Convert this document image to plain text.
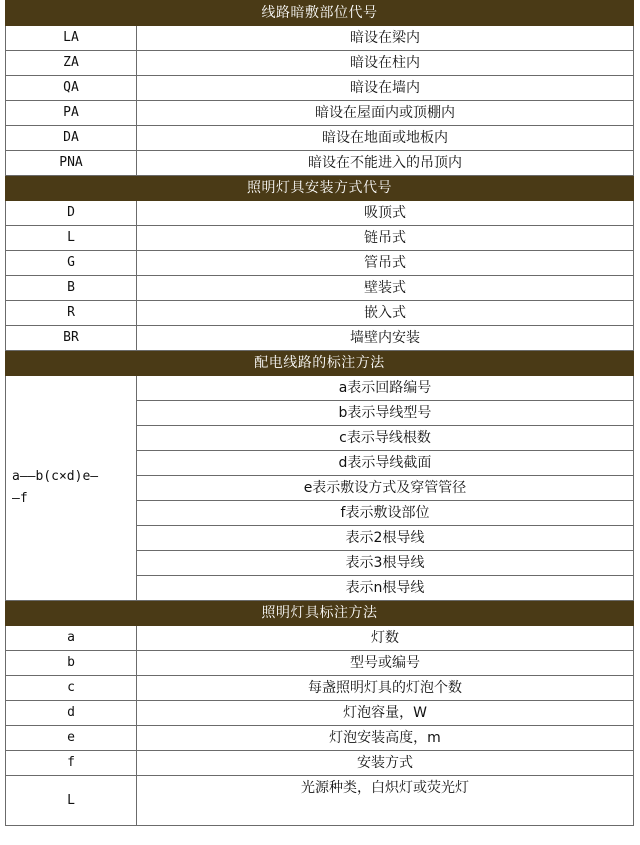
线路暗敷部位代号	
LA	暗设在梁内
ZA	暗设在柱内
QA	暗设在墙内
PA	暗设在屋面内或顶棚内
DA	暗设在地面或地板内
PNA	暗设在不能进入的吊顶内
照明灯具安装方式代号	
D	吸顶式
L	链吊式
G	管吊式
B	壁装式
R	嵌入式
BR	墙壁内安装
配电线路的标注方法	

a——b(c×d)e—
—f	a表示回路编号
	b表示导线型号
	c表示导线根数
	d表示导线截面
	e表示敷设方式及穿管管径
	f表示敷设部位
	表示2根导线
	表示3根导线
	表示n根导线
照明灯具标注方法	
a	灯数
b	型号或编号
c	每盏照明灯具的灯泡个数
d	灯泡容量，W
e	灯泡安装高度，m
f	安装方式
L	光源种类，白炽灯或荧光灯
